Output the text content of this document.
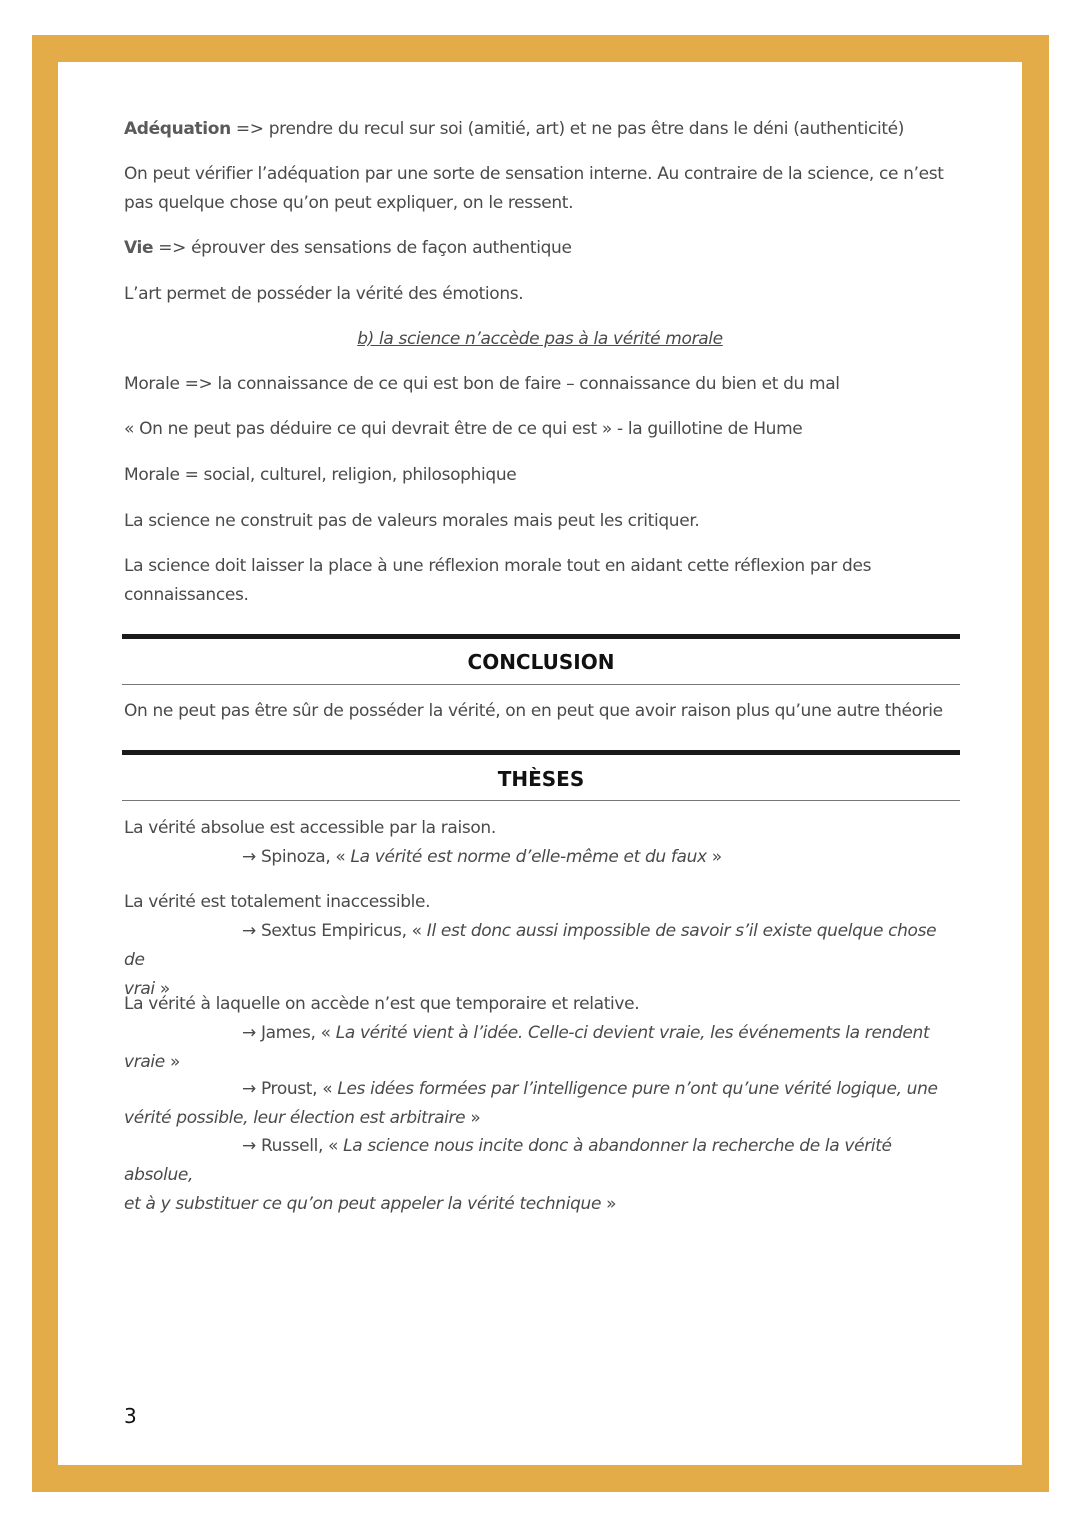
Adéquation => prendre du recul sur soi (amitié, art) et ne pas être dans le déni (authenticité)
On peut vérifier l’adéquation par une sorte de sensation interne. Au contraire de la science, ce n’est pas quelque chose qu’on peut expliquer, on le ressent.
Vie => éprouver des sensations de façon authentique
L’art permet de posséder la vérité des émotions.
b) la science n’accède pas à la vérité morale
Morale => la connaissance de ce qui est bon de faire – connaissance du bien et du mal
« On ne peut pas déduire ce qui devrait être de ce qui est » - la guillotine de Hume
Morale = social, culturel, religion, philosophique
La science ne construit pas de valeurs morales mais peut les critiquer.
La science doit laisser la place à une réflexion morale tout en aidant cette réflexion par des connaissances.
CONCLUSION
On ne peut pas être sûr de posséder la vérité, on en peut que avoir raison plus qu’une autre théorie
THÈSES
La vérité absolue est accessible par la raison.
→ Spinoza, « La vérité est norme d’elle-même et du faux »
La vérité est totalement inaccessible.
→ Sextus Empiricus, « Il est donc aussi impossible de savoir s’il existe quelque chose de
vrai »
La vérité à laquelle on accède n’est que temporaire et relative.
→ James, « La vérité vient à l’idée. Celle-ci devient vraie, les événements la rendent
vraie »
→ Proust, « Les idées formées par l’intelligence pure n’ont qu’une vérité logique, une
vérité possible, leur élection est arbitraire »
→ Russell, « La science nous incite donc à abandonner la recherche de la vérité absolue,
et à y substituer ce qu’on peut appeler la vérité technique »
3
